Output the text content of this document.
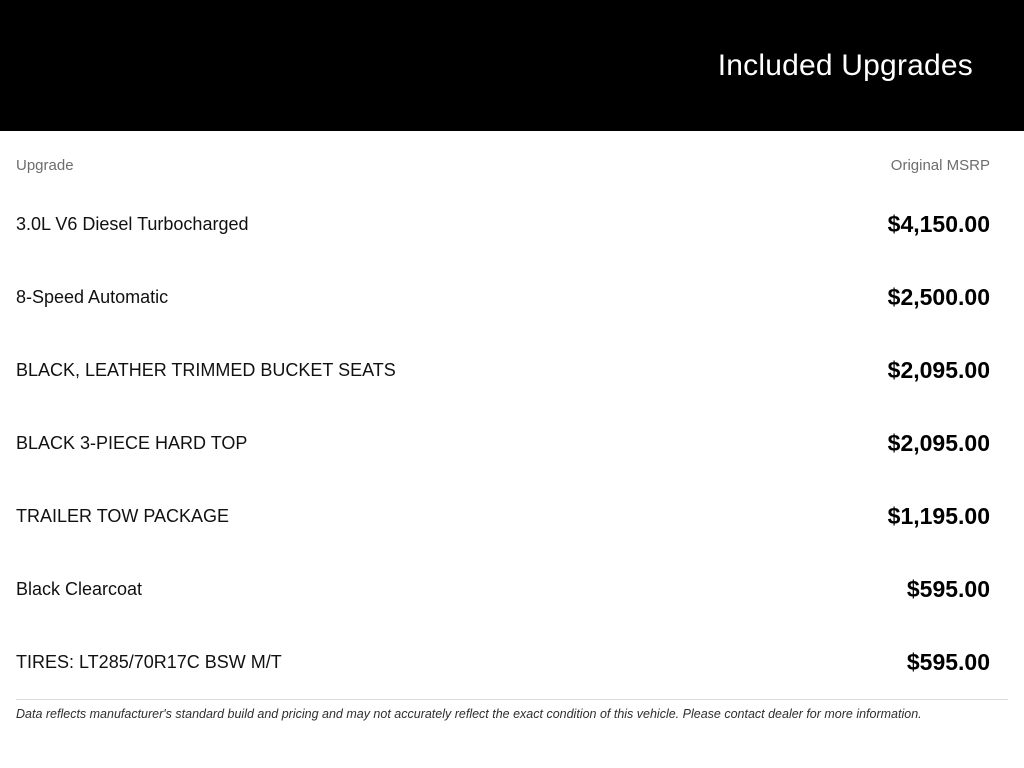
Included Upgrades
Upgrade	Original MSRP
3.0L V6 Diesel Turbocharged	$4,150.00
8-Speed Automatic	$2,500.00
BLACK, LEATHER TRIMMED BUCKET SEATS	$2,095.00
BLACK 3-PIECE HARD TOP	$2,095.00
TRAILER TOW PACKAGE	$1,195.00
Black Clearcoat	$595.00
TIRES: LT285/70R17C BSW M/T	$595.00
Data reflects manufacturer's standard build and pricing and may not accurately reflect the exact condition of this vehicle. Please contact dealer for more information.
